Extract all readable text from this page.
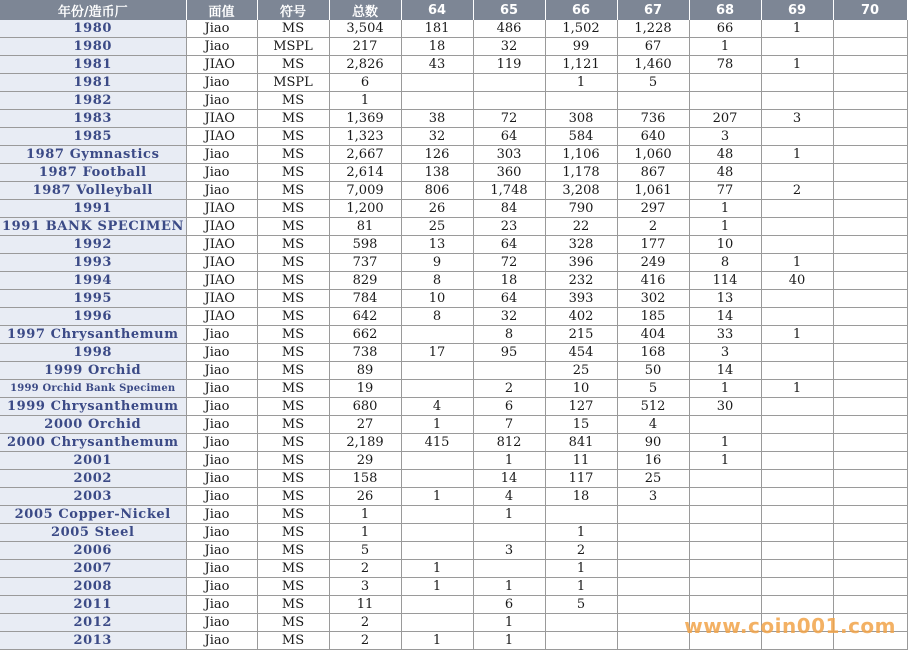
年份/造币厂	面值	符号	总数	64	65	66	67	68	69	70
1980	Jiao	MS	3,504	181	486	1,502	1,228	66	1	
1980	Jiao	MSPL	217	18	32	99	67	1		
1981	JIAO	MS	2,826	43	119	1,121	1,460	78	1	
1981	Jiao	MSPL	6			1	5			
1982	Jiao	MS	1							
1983	JIAO	MS	1,369	38	72	308	736	207	3	
1985	JIAO	MS	1,323	32	64	584	640	3		
1987 Gymnastics	Jiao	MS	2,667	126	303	1,106	1,060	48	1	
1987 Football	Jiao	MS	2,614	138	360	1,178	867	48		
1987 Volleyball	Jiao	MS	7,009	806	1,748	3,208	1,061	77	2	
1991	JIAO	MS	1,200	26	84	790	297	1		
1991 BANK SPECIMEN	JIAO	MS	81	25	23	22	2	1		
1992	JIAO	MS	598	13	64	328	177	10		
1993	JIAO	MS	737	9	72	396	249	8	1	
1994	JIAO	MS	829	8	18	232	416	114	40	
1995	JIAO	MS	784	10	64	393	302	13		
1996	JIAO	MS	642	8	32	402	185	14		
1997 Chrysanthemum	Jiao	MS	662		8	215	404	33	1	
1998	Jiao	MS	738	17	95	454	168	3		
1999 Orchid	Jiao	MS	89			25	50	14		
1999 Orchid Bank Specimen	Jiao	MS	19		2	10	5	1	1	
1999 Chrysanthemum	Jiao	MS	680	4	6	127	512	30		
2000 Orchid	Jiao	MS	27	1	7	15	4			
2000 Chrysanthemum	Jiao	MS	2,189	415	812	841	90	1		
2001	Jiao	MS	29		1	11	16	1		
2002	Jiao	MS	158		14	117	25			
2003	Jiao	MS	26	1	4	18	3			
2005 Copper-Nickel	Jiao	MS	1		1					
2005 Steel	Jiao	MS	1			1				
2006	Jiao	MS	5		3	2				
2007	Jiao	MS	2	1		1				
2008	Jiao	MS	3	1	1	1				
2011	Jiao	MS	11		6	5				
2012	Jiao	MS	2		1					
2013	Jiao	MS	2	1	1					
www.coin001.com
